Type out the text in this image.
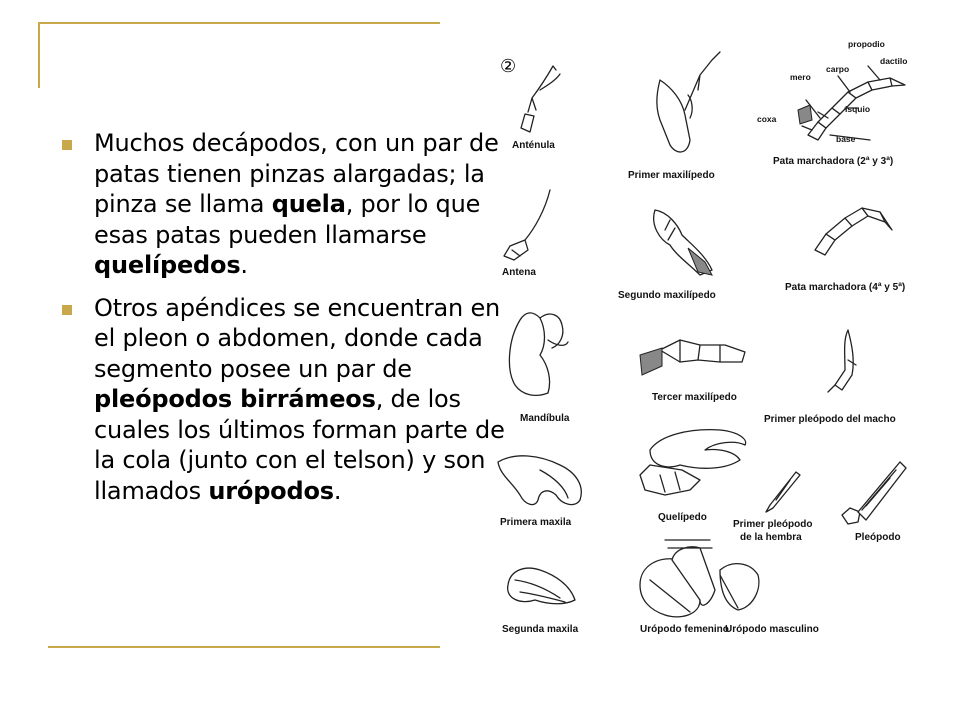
Muchos decápodos, con un par de patas tienen pinzas alargadas; la pinza se llama quela, por lo que esas patas pueden llamarse quelípedos.
Otros apéndices se encuentran en el pleon o abdomen, donde cada segmento posee un par de pleópodos birrámeos, de los cuales los últimos forman parte de la cola (junto con el telson) y son llamados urópodos.
②
Anténula
Antena
Mandíbula
Primera maxila
Segunda maxila
Primer maxilípedo
Segundo maxilípedo
Tercer maxilípedo
Quelípedo
Urópodo femenino
Urópodo masculino
propodio
carpo
dactilo
mero
isquio
coxa
base
Pata marchadora (2ª y 3ª)
Pata marchadora (4ª y 5ª)
Primer pleópodo del macho
Primer pleópodo
de la hembra	Pleópodo
